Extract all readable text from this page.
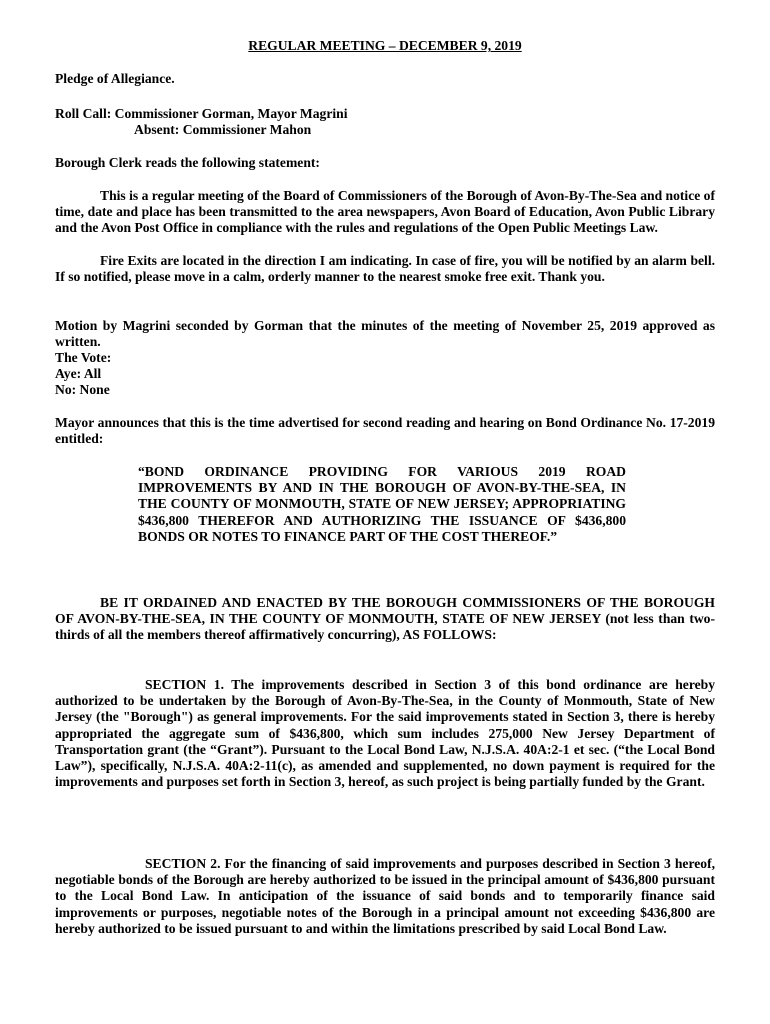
REGULAR MEETING – DECEMBER 9, 2019

Pledge of Allegiance.

Roll Call: Commissioner Gorman, Mayor Magrini
Absent: Commissioner Mahon

Borough Clerk reads the following statement:

This is a regular meeting of the Board of Commissioners of the Borough of Avon-By-The-Sea and notice of time, date and place has been transmitted to the area newspapers, Avon Board of Education, Avon Public Library and the Avon Post Office in compliance with the rules and regulations of the Open Public Meetings Law.

Fire Exits are located in the direction I am indicating. In case of fire, you will be notified by an alarm bell. If so notified, please move in a calm, orderly manner to the nearest smoke free exit. Thank you.

Motion by Magrini seconded by Gorman that the minutes of the meeting of November 25, 2019 approved as written.

The Vote:
Aye: All
No: None

Mayor announces that this is the time advertised for second reading and hearing on Bond Ordinance No. 17-2019 entitled:

“BOND ORDINANCE PROVIDING FOR VARIOUS 2019 ROAD IMPROVEMENTS BY AND IN THE BOROUGH OF AVON-BY-THE-SEA, IN THE COUNTY OF MONMOUTH, STATE OF NEW JERSEY; APPROPRIATING $436,800 THEREFOR AND AUTHORIZING THE ISSUANCE OF $436,800 BONDS OR NOTES TO FINANCE PART OF THE COST THEREOF.”

BE IT ORDAINED AND ENACTED BY THE BOROUGH COMMISSIONERS OF THE BOROUGH OF AVON-BY-THE-SEA, IN THE COUNTY OF MONMOUTH, STATE OF NEW JERSEY (not less than two-thirds of all the members thereof affirmatively concurring), AS FOLLOWS:

SECTION 1. The improvements described in Section 3 of this bond ordinance are hereby authorized to be undertaken by the Borough of Avon-By-The-Sea, in the County of Monmouth, State of New Jersey (the "Borough") as general improvements. For the said improvements stated in Section 3, there is hereby appropriated the aggregate sum of $436,800, which sum includes 275,000 New Jersey Department of Transportation grant (the “Grant”). Pursuant to the Local Bond Law, N.J.S.A. 40A:2-1 et sec. (“the Local Bond Law”), specifically, N.J.S.A. 40A:2-11(c), as amended and supplemented, no down payment is required for the improvements and purposes set forth in Section 3, hereof, as such project is being partially funded by the Grant.

SECTION 2. For the financing of said improvements and purposes described in Section 3 hereof, negotiable bonds of the Borough are hereby authorized to be issued in the principal amount of $436,800 pursuant to the Local Bond Law. In anticipation of the issuance of said bonds and to temporarily finance said improvements or purposes, negotiable notes of the Borough in a principal amount not exceeding $436,800 are hereby authorized to be issued pursuant to and within the limitations prescribed by said Local Bond Law.
